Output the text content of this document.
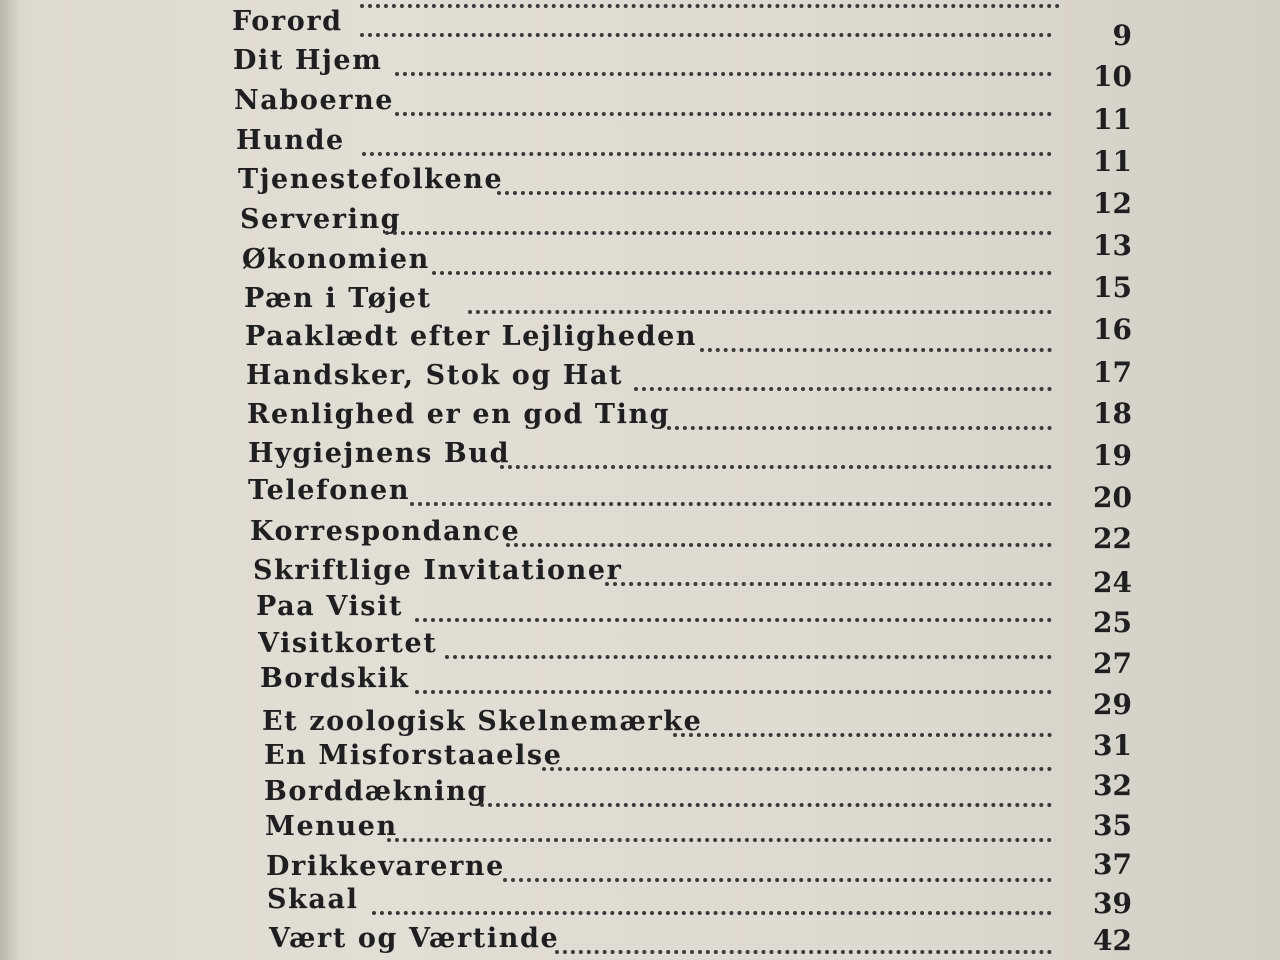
Forord
Dit Hjem
Naboerne
Hunde
Tjenestefolkene
Servering
Økonomien
Pæn i Tøjet
Paaklædt efter Lejligheden
Handsker, Stok og Hat
Renlighed er en god Ting
Hygiejnens Bud
Telefonen
Korrespondance
Skriftlige Invitationer
Paa Visit
Visitkortet
Bordskik
Et zoologisk Skelnemærke
En Misforstaaelse
Borddækning
Menuen
Drikkevarerne
Skaal
Vært og Værtinde
9
10
11
11
12
13
15
16
17
18
19
20
22
24
25
27
29
31
32
35
37
39
42
